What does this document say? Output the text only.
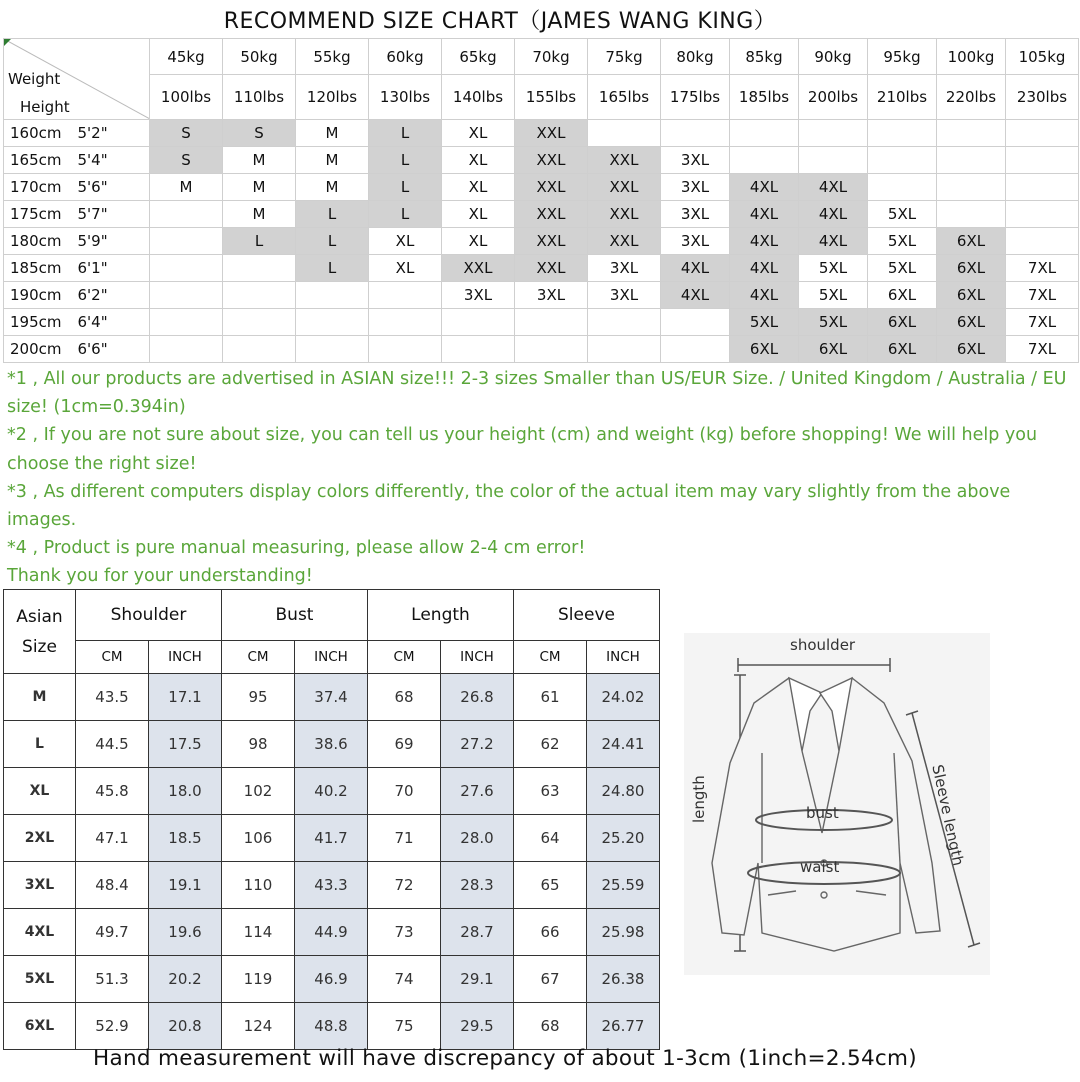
RECOMMEND SIZE CHART（JAMES WANG KING）
Weight
Height	45kg	50kg	55kg	60kg	65kg	70kg	75kg	80kg	85kg	90kg	95kg	100kg	105kg
	100lbs	110lbs	120lbs	130lbs	140lbs	155lbs	165lbs	175lbs	185lbs	200lbs	210lbs	220lbs	230lbs
160cm 5'2"	S	S	M	L	XL	XXL							
165cm 5'4"	S	M	M	L	XL	XXL	XXL	3XL					
170cm 5'6"	M	M	M	L	XL	XXL	XXL	3XL	4XL	4XL			
175cm 5'7"		M	L	L	XL	XXL	XXL	3XL	4XL	4XL	5XL		
180cm 5'9"		L	L	XL	XL	XXL	XXL	3XL	4XL	4XL	5XL	6XL	
185cm 6'1"			L	XL	XXL	XXL	3XL	4XL	4XL	5XL	5XL	6XL	7XL
190cm 6'2"					3XL	3XL	3XL	4XL	4XL	5XL	6XL	6XL	7XL
195cm 6'4"									5XL	5XL	6XL	6XL	7XL
200cm 6'6"									6XL	6XL	6XL	6XL	7XL

*1 , All our products are advertised in ASIAN size!!! 2-3 sizes Smaller than US/EUR Size. / United Kingdom / Australia / EU size! (1cm=0.394in)

*2 , If you are not sure about size, you can tell us your height (cm) and weight (kg) before shopping! We will help you choose the right size!

*3 , As different computers display colors differently, the color of the actual item may vary slightly from the above images.

*4 , Product is pure manual measuring, please allow 2-4 cm error!

Thank you for your understanding!

Asian Size	Shoulder		Bust		Length		Sleeve	
	CM	INCH	CM	INCH	CM	INCH	CM	INCH
M	43.5	17.1	95	37.4	68	26.8	61	24.02
L	44.5	17.5	98	38.6	69	27.2	62	24.41
XL	45.8	18.0	102	40.2	70	27.6	63	24.80
2XL	47.1	18.5	106	41.7	71	28.0	64	25.20
3XL	48.4	19.1	110	43.3	72	28.3	65	25.59
4XL	49.7	19.6	114	44.9	73	28.7	66	25.98
5XL	51.3	20.2	119	46.9	74	29.1	67	26.38
6XL	52.9	20.8	124	48.8	75	29.5	68	26.77
shoulder
length	bust
waist	Sleeve length
Hand measurement will have discrepancy of about 1-3cm (1inch=2.54cm)
